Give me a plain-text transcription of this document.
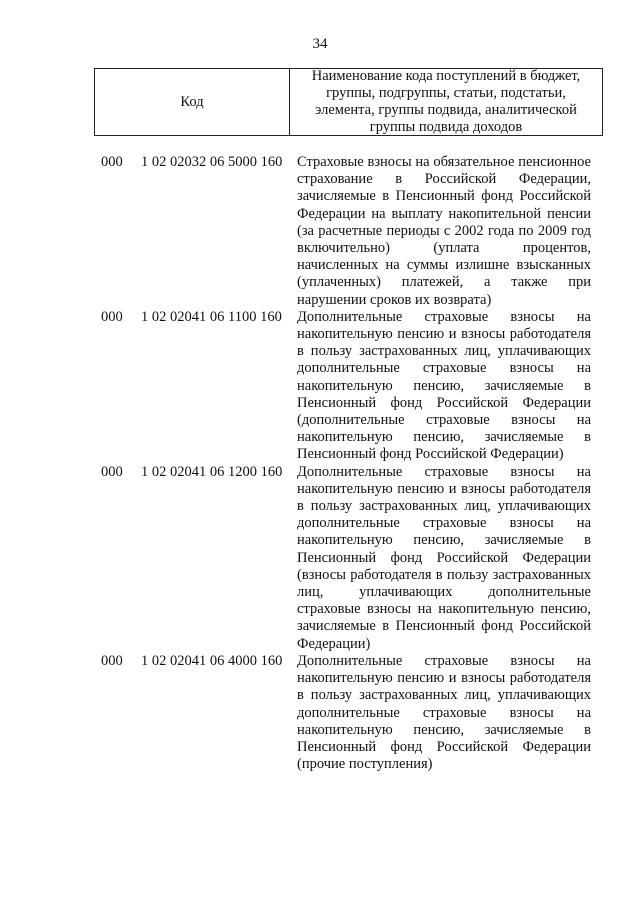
34
Код
Наименование кода поступлений в бюджет, группы, подгруппы, статьи, подстатьи, элемента, группы подвида, аналитической группы подвида доходов
000 1 02 02032 06 5000 160 Страховые взносы на обязательное пенсионное страхование в Российской Федерации, зачисляемые в Пенсионный фонд Российской Федерации на выплату накопительной пенсии (за расчетные периоды с 2002 года по 2009 год включительно) (уплата процентов, начисленных на суммы излишне взысканных (уплаченных) платежей, а также при нарушении сроков их возврата)
000 1 02 02041 06 1100 160 Дополнительные страховые взносы на накопительную пенсию и взносы работодателя в пользу застрахованных лиц, уплачивающих дополнительные страховые взносы на накопительную пенсию, зачисляемые в Пенсионный фонд Российской Федерации (дополнительные страховые взносы на накопительную пенсию, зачисляемые в Пенсионный фонд Российской Федерации)
000 1 02 02041 06 1200 160 Дополнительные страховые взносы на накопительную пенсию и взносы работодателя в пользу застрахованных лиц, уплачивающих дополнительные страховые взносы на накопительную пенсию, зачисляемые в Пенсионный фонд Российской Федерации (взносы работодателя в пользу застрахованных лиц, уплачивающих дополнительные страховые взносы на накопительную пенсию, зачисляемые в Пенсионный фонд Российской Федерации)
000 1 02 02041 06 4000 160 Дополнительные страховые взносы на накопительную пенсию и взносы работодателя в пользу застрахованных лиц, уплачивающих дополнительные страховые взносы на накопительную пенсию, зачисляемые в Пенсионный фонд Российской Федерации (прочие поступления)
